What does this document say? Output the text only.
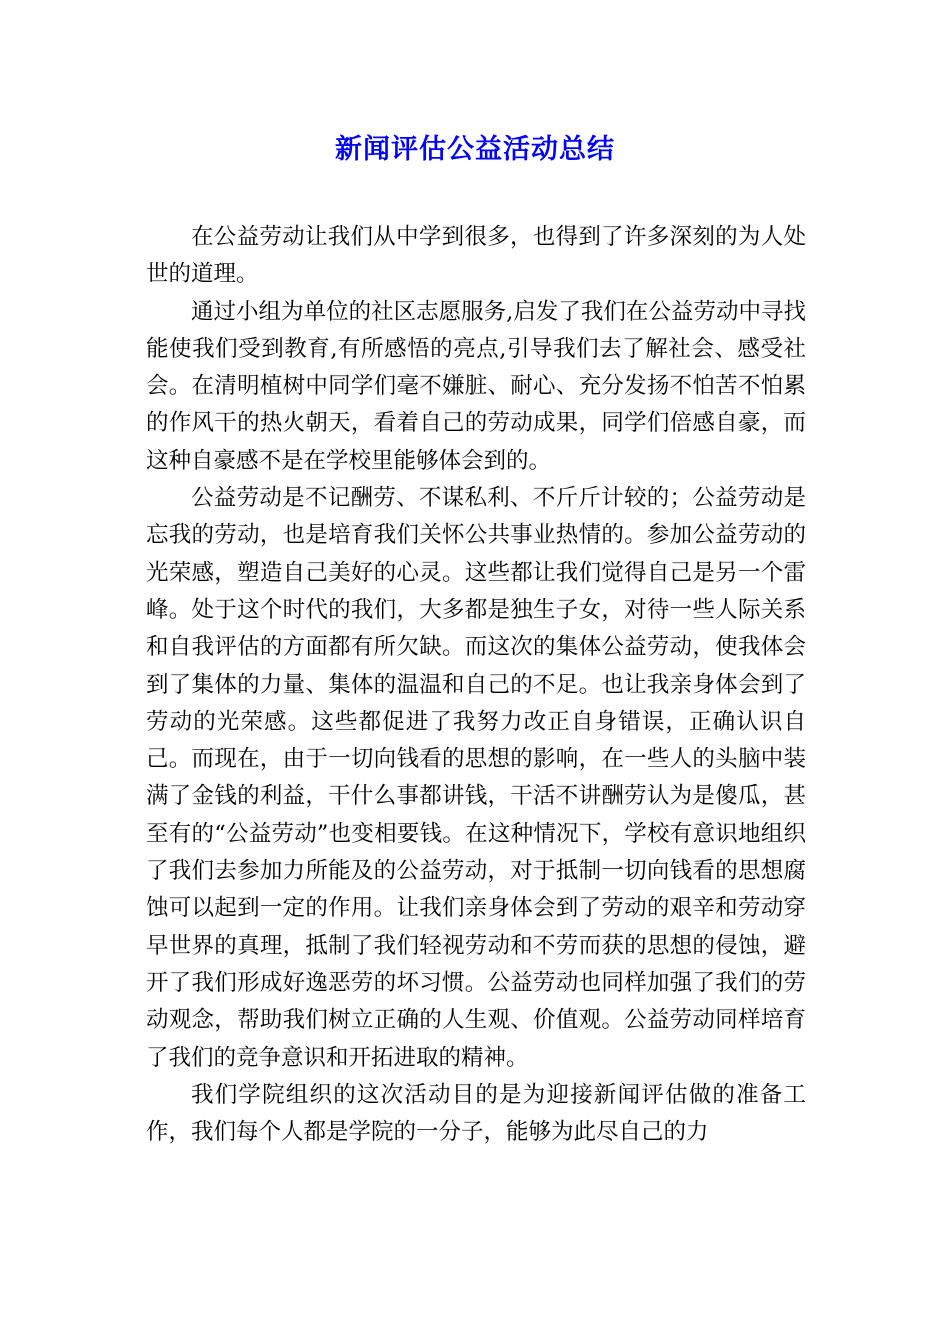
新闻评估公益活动总结

在公益劳动让我们从中学到很多，也得到了许多深刻的为人处世的道理。

通过小组为单位的社区志愿服务,启发了我们在公益劳动中寻找能使我们受到教育,有所感悟的亮点,引导我们去了解社会、感受社会。在清明植树中同学们毫不嫌脏、耐心、充分发扬不怕苦不怕累的作风干的热火朝天，看着自己的劳动成果，同学们倍感自豪，而这种自豪感不是在学校里能够体会到的。

公益劳动是不记酬劳、不谋私利、不斤斤计较的；公益劳动是忘我的劳动，也是培育我们关怀公共事业热情的。参加公益劳动的光荣感，塑造自己美好的心灵。这些都让我们觉得自己是另一个雷峰。处于这个时代的我们，大多都是独生子女，对待一些人际关系和自我评估的方面都有所欠缺。而这次的集体公益劳动，使我体会到了集体的力量、集体的温温和自己的不足。也让我亲身体会到了劳动的光荣感。这些都促进了我努力改正自身错误，正确认识自己。而现在，由于一切向钱看的思想的影响，在一些人的头脑中装满了金钱的利益，干什么事都讲钱，干活不讲酬劳认为是傻瓜，甚至有的“公益劳动”也变相要钱。在这种情况下，学校有意识地组织了我们去参加力所能及的公益劳动，对于抵制一切向钱看的思想腐蚀可以起到一定的作用。让我们亲身体会到了劳动的艰辛和劳动穿早世界的真理，抵制了我们轻视劳动和不劳而获的思想的侵蚀，避开了我们形成好逸恶劳的坏习惯。公益劳动也同样加强了我们的劳动观念，帮助我们树立正确的人生观、价值观。公益劳动同样培育了我们的竞争意识和开拓进取的精神。

我们学院组织的这次活动目的是为迎接新闻评估做的准备工作，我们每个人都是学院的一分子，能够为此尽自己的力
